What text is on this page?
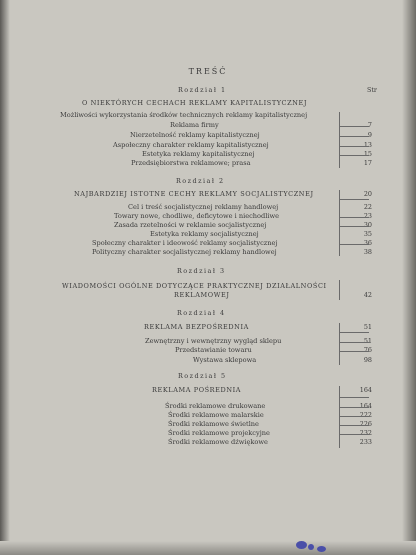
TREŚĆ
Rozdział 1	Str
O NIEKTÓRYCH CECHACH REKLAMY KAPITALISTYCZNEJ
Możliwości wykorzystania środków technicznych reklamy kapitalistycznej
Reklama firmy	7
Nierzetelność reklamy kapitalistycznej	9
Aspołeczny charakter reklamy kapitalistycznej	13
Estetyka reklamy kapitalistycznej	15
Przedsiębiorstwa reklamowe; prasa	17
Rozdział 2
NAJBARDZIEJ ISTOTNE CECHY REKLAMY SOCJALISTYCZNEJ	20
Cel i treść socjalistycznej reklamy handlowej	22
Towary nowe, chodliwe, deficytowe i niechodliwe	23
Zasada rzetelności w reklamie socjalistycznej	30
Estetyka reklamy socjalistycznej	35
Społeczny charakter i ideowość reklamy socjalistycznej	36
Polityczny charakter socjalistycznej reklamy handlowej	38
Rozdział 3
WIADOMOŚCI OGÓLNE DOTYCZĄCE PRAKTYCZNEJ DZIAŁALNOŚCI
REKLAMOWEJ	42
Rozdział 4
REKLAMA BEZPOŚREDNIA	51
Zewnętrzny i wewnętrzny wygląd sklepu	51
Przedstawianie towaru	76
Wystawa sklepowa	98
Rozdział 5
REKLAMA POŚREDNIA	164
Środki reklamowe drukowane	164
Środki reklamowe malarskie	222
Środki reklamowe świetlne	226
Środki reklamowe projekcyjne	232
Środki reklamowe dźwiękowe	233
